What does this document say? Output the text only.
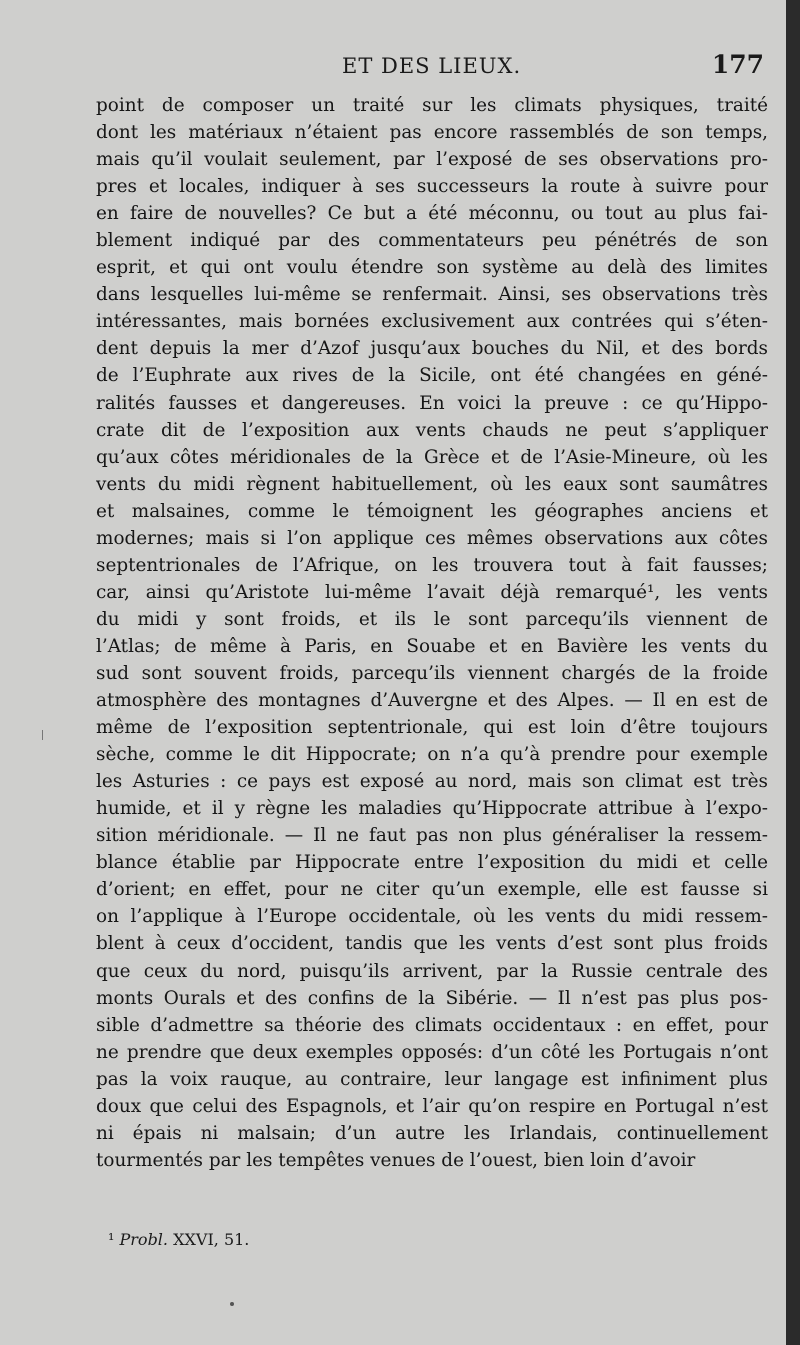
ET DES LIEUX.	177
point de composer un traité sur les climats physiques, traité
dont les matériaux n’étaient pas encore rassemblés de son temps,
mais qu’il voulait seulement, par l’exposé de ses observations pro-
pres et locales, indiquer à ses successeurs la route à suivre pour
en faire de nouvelles? Ce but a été méconnu, ou tout au plus fai-
blement indiqué par des commentateurs peu pénétrés de son
esprit, et qui ont voulu étendre son système au delà des limites
dans lesquelles lui-même se renfermait. Ainsi, ses observations très
intéressantes, mais bornées exclusivement aux contrées qui s’éten-
dent depuis la mer d’Azof jusqu’aux bouches du Nil, et des bords
de l’Euphrate aux rives de la Sicile, ont été changées en géné-
ralités fausses et dangereuses. En voici la preuve : ce qu’Hippo-
crate dit de l’exposition aux vents chauds ne peut s’appliquer
qu’aux côtes méridionales de la Grèce et de l’Asie-Mineure, où les
vents du midi règnent habituellement, où les eaux sont saumâtres
et malsaines, comme le témoignent les géographes anciens et
modernes; mais si l’on applique ces mêmes observations aux côtes
septentrionales de l’Afrique, on les trouvera tout à fait fausses;
car, ainsi qu’Aristote lui-même l’avait déjà remarqué¹, les vents
du midi y sont froids, et ils le sont parcequ’ils viennent de
l’Atlas; de même à Paris, en Souabe et en Bavière les vents du
sud sont souvent froids, parcequ’ils viennent chargés de la froide
atmosphère des montagnes d’Auvergne et des Alpes. — Il en est de
même de l’exposition septentrionale, qui est loin d’être toujours
sèche, comme le dit Hippocrate; on n’a qu’à prendre pour exemple
les Asturies : ce pays est exposé au nord, mais son climat est très
humide, et il y règne les maladies qu’Hippocrate attribue à l’expo-
sition méridionale. — Il ne faut pas non plus généraliser la ressem-
blance établie par Hippocrate entre l’exposition du midi et celle
d’orient; en effet, pour ne citer qu’un exemple, elle est fausse si
on l’applique à l’Europe occidentale, où les vents du midi ressem-
blent à ceux d’occident, tandis que les vents d’est sont plus froids
que ceux du nord, puisqu’ils arrivent, par la Russie centrale des
monts Ourals et des confins de la Sibérie. — Il n’est pas plus pos-
sible d’admettre sa théorie des climats occidentaux : en effet, pour
ne prendre que deux exemples opposés: d’un côté les Portugais n’ont
pas la voix rauque, au contraire, leur langage est infiniment plus
doux que celui des Espagnols, et l’air qu’on respire en Portugal n’est
ni épais ni malsain; d’un autre les Irlandais, continuellement
tourmentés par les tempêtes venues de l’ouest, bien loin d’avoir
¹ Probl. XXVI, 51.
